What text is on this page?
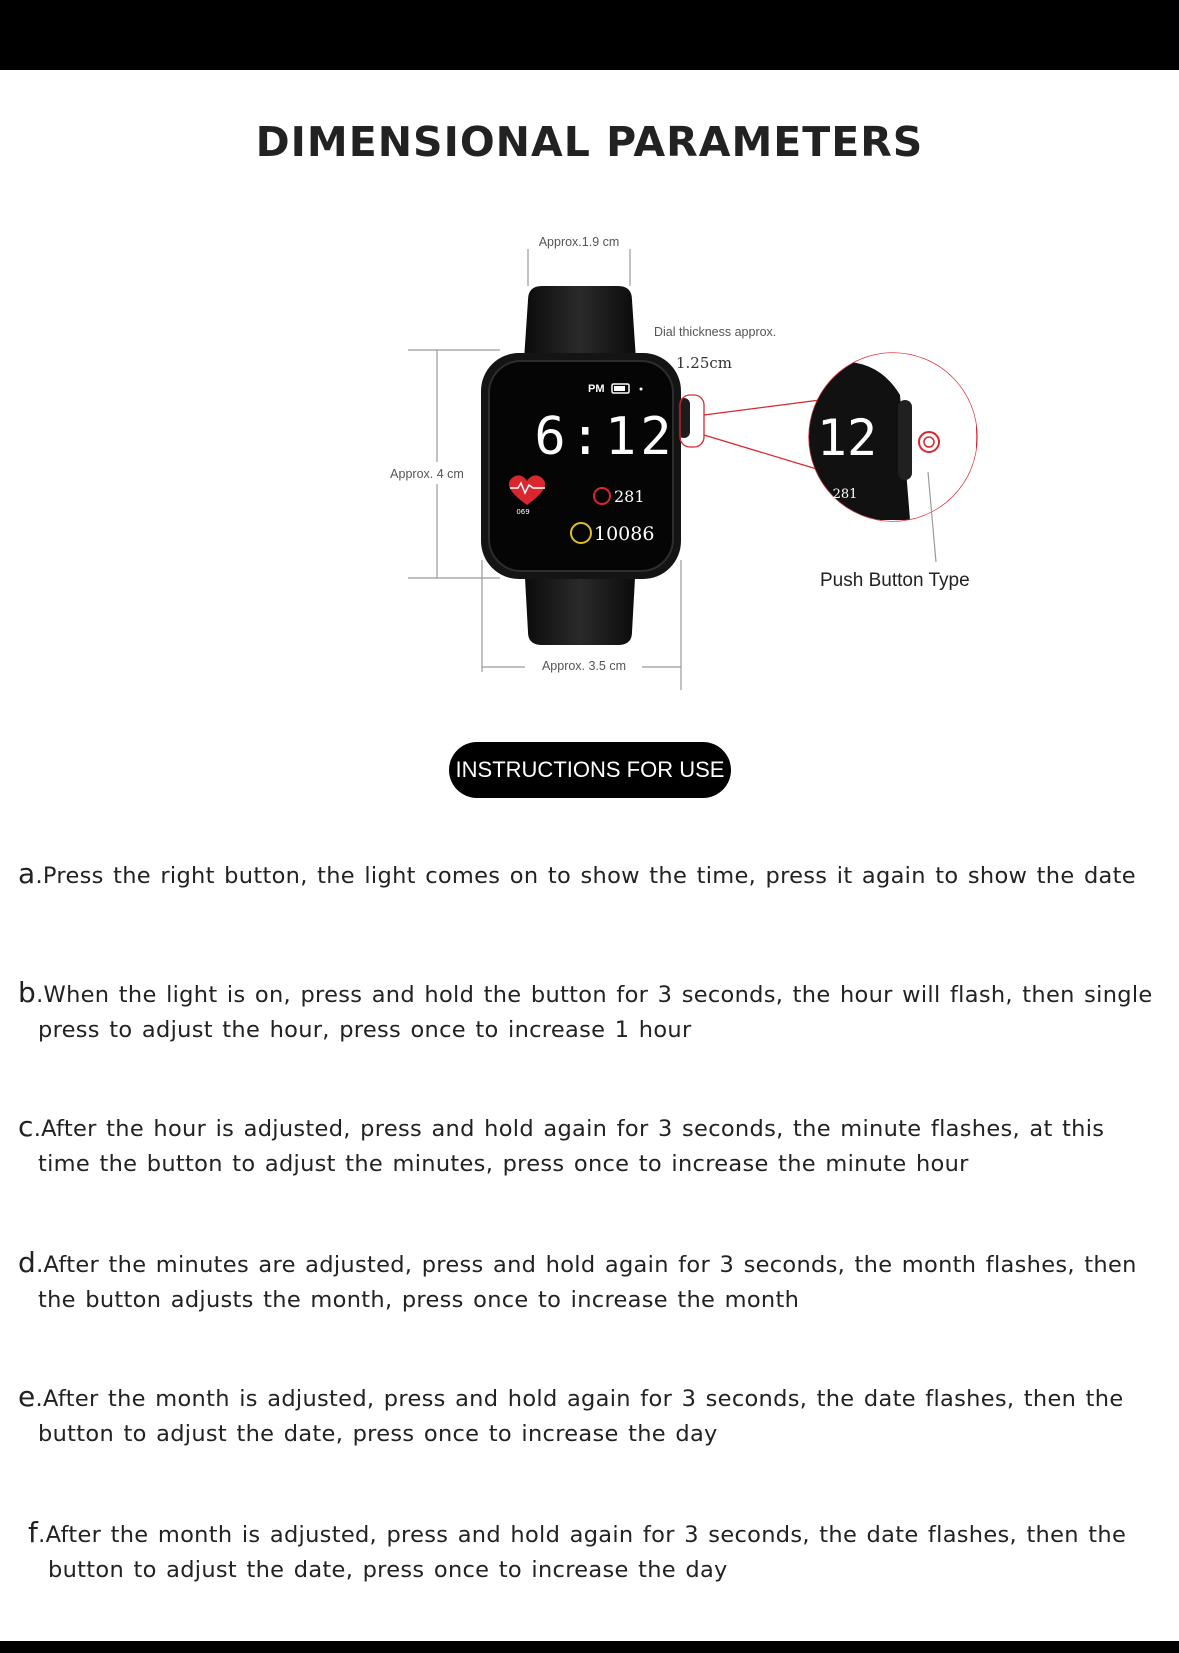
DIMENSIONAL PARAMETERS
Approx.1.9 cm
Approx. 4 cm
Approx. 3.5 cm
PM
6:12
069
281
10086
Dial thickness approx.
1.25cm
12
281
Push Button Type
INSTRUCTIONS FOR USE
a.Press the right button, the light comes on to show the time, press it again to show the date
b.When the light is on, press and hold the button for 3 seconds, the hour will flash, then single
press to adjust the hour, press once to increase 1 hour
c.After the hour is adjusted, press and hold again for 3 seconds, the minute flashes, at this
time the button to adjust the minutes, press once to increase the minute hour
d.After the minutes are adjusted, press and hold again for 3 seconds, the month flashes, then
the button adjusts the month, press once to increase the month
e.After the month is adjusted, press and hold again for 3 seconds, the date flashes, then the
button to adjust the date, press once to increase the day
f.After the month is adjusted, press and hold again for 3 seconds, the date flashes, then the
button to adjust the date, press once to increase the day
